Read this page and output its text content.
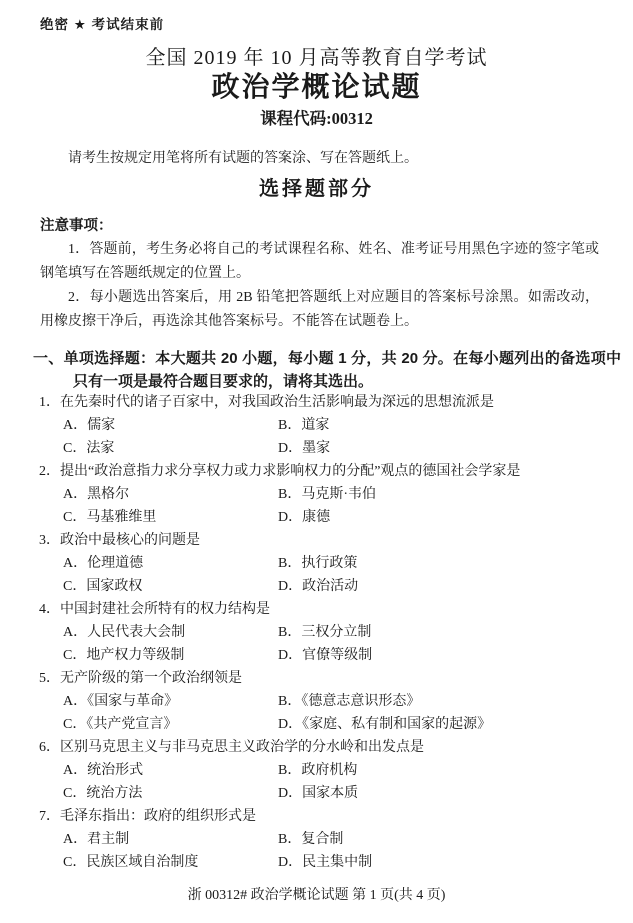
绝密 ★ 考试结束前
全国 2019 年 10 月高等教育自学考试
政治学概论试题
课程代码:00312
请考生按规定用笔将所有试题的答案涂、写在答题纸上。
选择题部分
注意事项：

1．答题前，考生务必将自己的考试课程名称、姓名、准考证号用黑色字迹的签字笔或钢笔填写在答题纸规定的位置上。

2．每小题选出答案后，用 2B 铅笔把答题纸上对应题目的答案标号涂黑。如需改动，用橡皮擦干净后，再选涂其他答案标号。不能答在试题卷上。

一、单项选择题：本大题共 20 小题，每小题 1 分，共 20 分。在每小题列出的备选项中只有一项是最符合题目要求的，请将其选出。
1．在先秦时代的诸子百家中，对我国政治生活影响最为深远的思想流派是
A．儒家	B．道家
C．法家	D．墨家
2．提出“政治意指力求分享权力或力求影响权力的分配”观点的德国社会学家是
A．黑格尔	B．马克斯·韦伯
C．马基雅维里	D．康德
3．政治中最核心的问题是
A．伦理道德	B．执行政策
C．国家政权	D．政治活动
4．中国封建社会所特有的权力结构是
A．人民代表大会制	B．三权分立制
C．地产权力等级制	D．官僚等级制
5．无产阶级的第一个政治纲领是
A．《国家与革命》	B．《德意志意识形态》
C．《共产党宣言》	D．《家庭、私有制和国家的起源》
6．区别马克思主义与非马克思主义政治学的分水岭和出发点是
A．统治形式	B．政府机构
C．统治方法	D．国家本质
7．毛泽东指出：政府的组织形式是
A．君主制	B．复合制
C．民族区域自治制度	D．民主集中制
浙 00312# 政治学概论试题 第 1 页(共 4 页)
